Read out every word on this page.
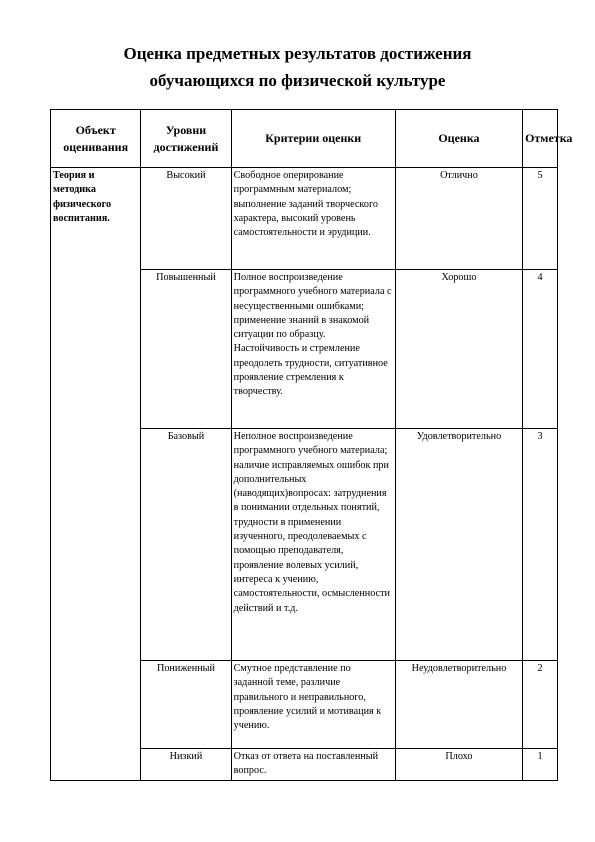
Оценка предметных результатов достижения
обучающихся по физической культуре
Объект оценивания	Уровни достижений	Критерии оценки	Оценка	Отметка
Теория и методика физического воспитания.	Высокий	Свободное оперирование программным материалом; выполнение заданий творческого характера, высокий уровень самостоятельности и эрудиции.	Отлично	5
	Повышенный	Полное воспроизведение программного учебного материала с несущественными ошибками; применение знаний в знакомой ситуации по образцу. Настойчивость и стремление преодолеть трудности, ситуативное проявление стремления к творчеству.	Хорошо	4
	Базовый	Неполное воспроизведение программного учебного материала; наличие исправляемых ошибок при дополнительных (наводящих)вопросах: затруднения в понимании отдельных понятий, трудности в применении изученного, преодолеваемых с помощью преподавателя, проявление волевых усилий, интереса к учению, самостоятельности, осмысленности действий и т.д.	Удовлетворительно	3
	Пониженный	Смутное представление по заданной теме, различие правильного и неправильного, проявление усилий и мотивация к учению.	Неудовлетворительно	2
	Низкий	Отказ от ответа на поставленный вопрос.	Плохо	1
